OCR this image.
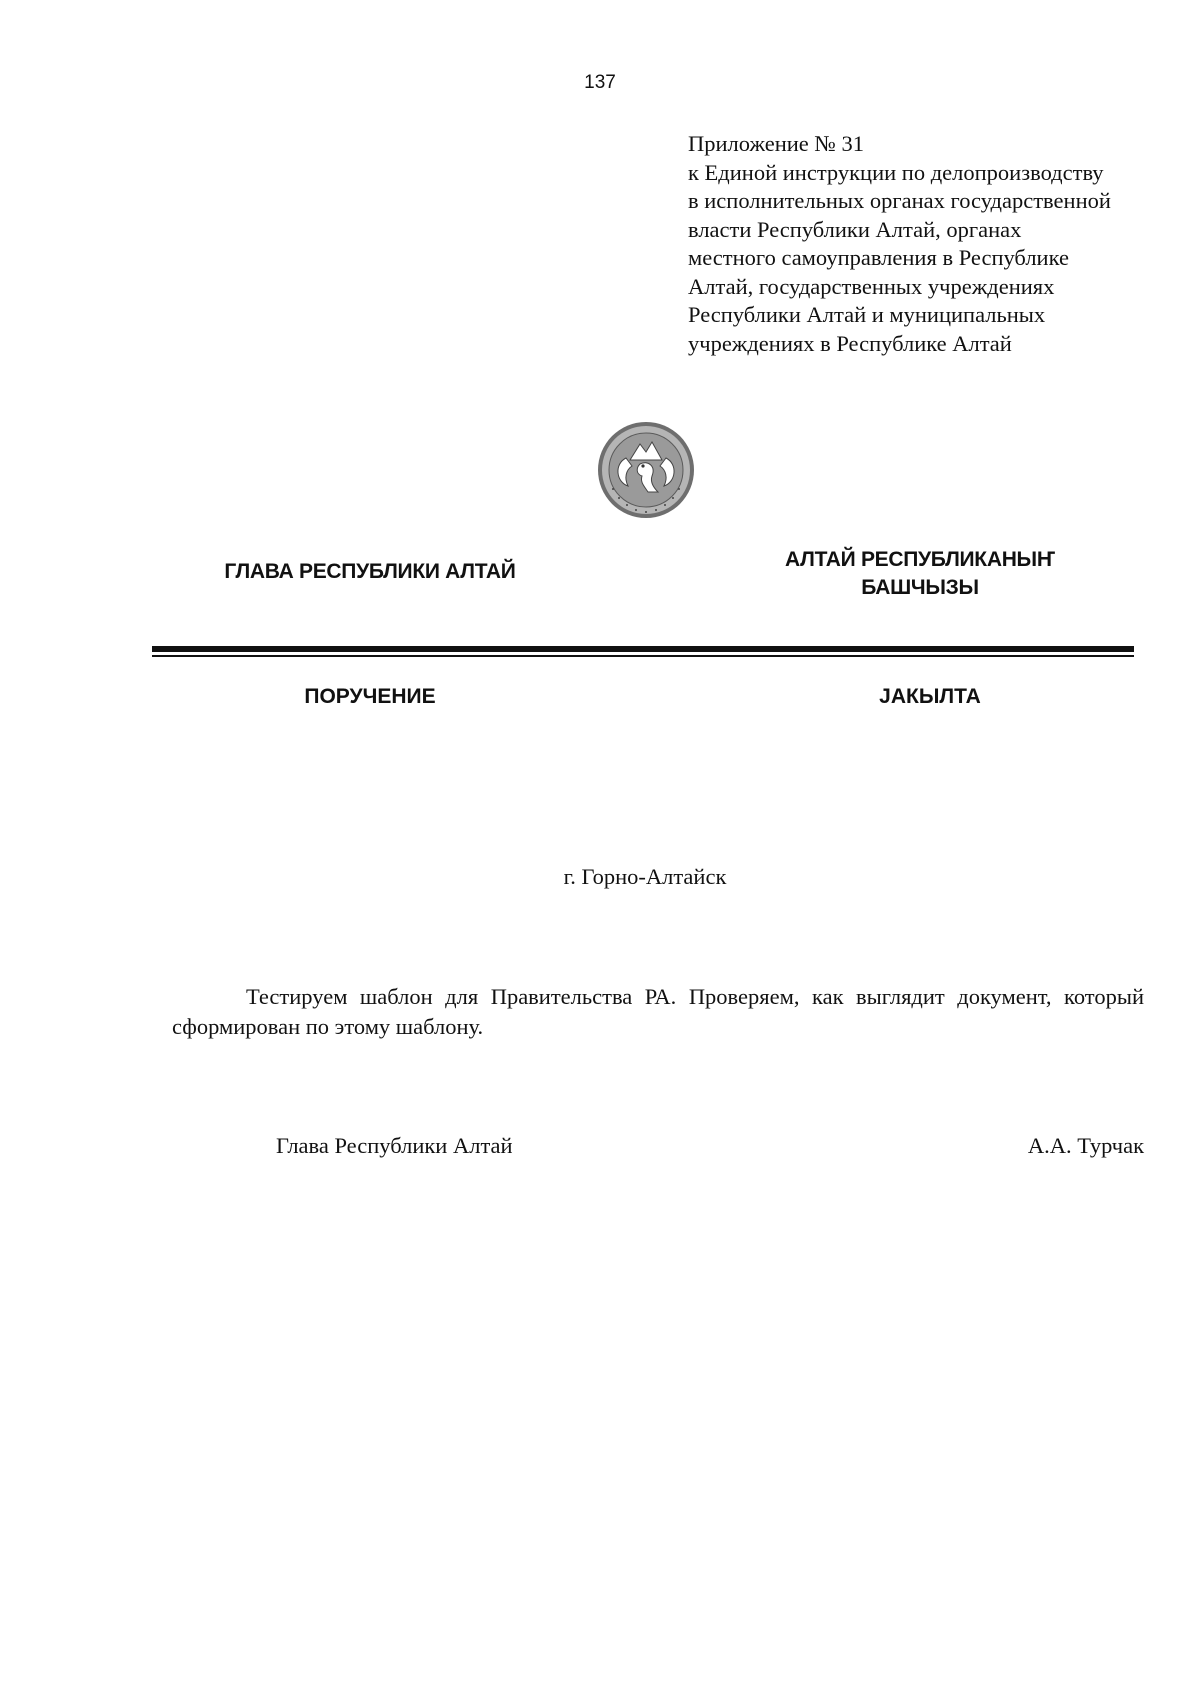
137
Приложение № 31
к Единой инструкции по делопроизводству
в исполнительных органах государственной
власти Республики Алтай, органах
местного самоуправления в Республике
Алтай, государственных учреждениях
Республики Алтай и муниципальных
учреждениях в Республике Алтай
ГЛАВА РЕСПУБЛИКИ АЛТАЙ
АЛТАЙ РЕСПУБЛИКАНЫҤ
БАШЧЫЗЫ
ПОРУЧЕНИЕ	ЈАКЫЛТА
г. Горно-Алтайск
Тестируем шаблон для Правительства РА. Проверяем, как выглядит документ, который сформирован по этому шаблону.
Глава Республики Алтай	А.А. Турчак
